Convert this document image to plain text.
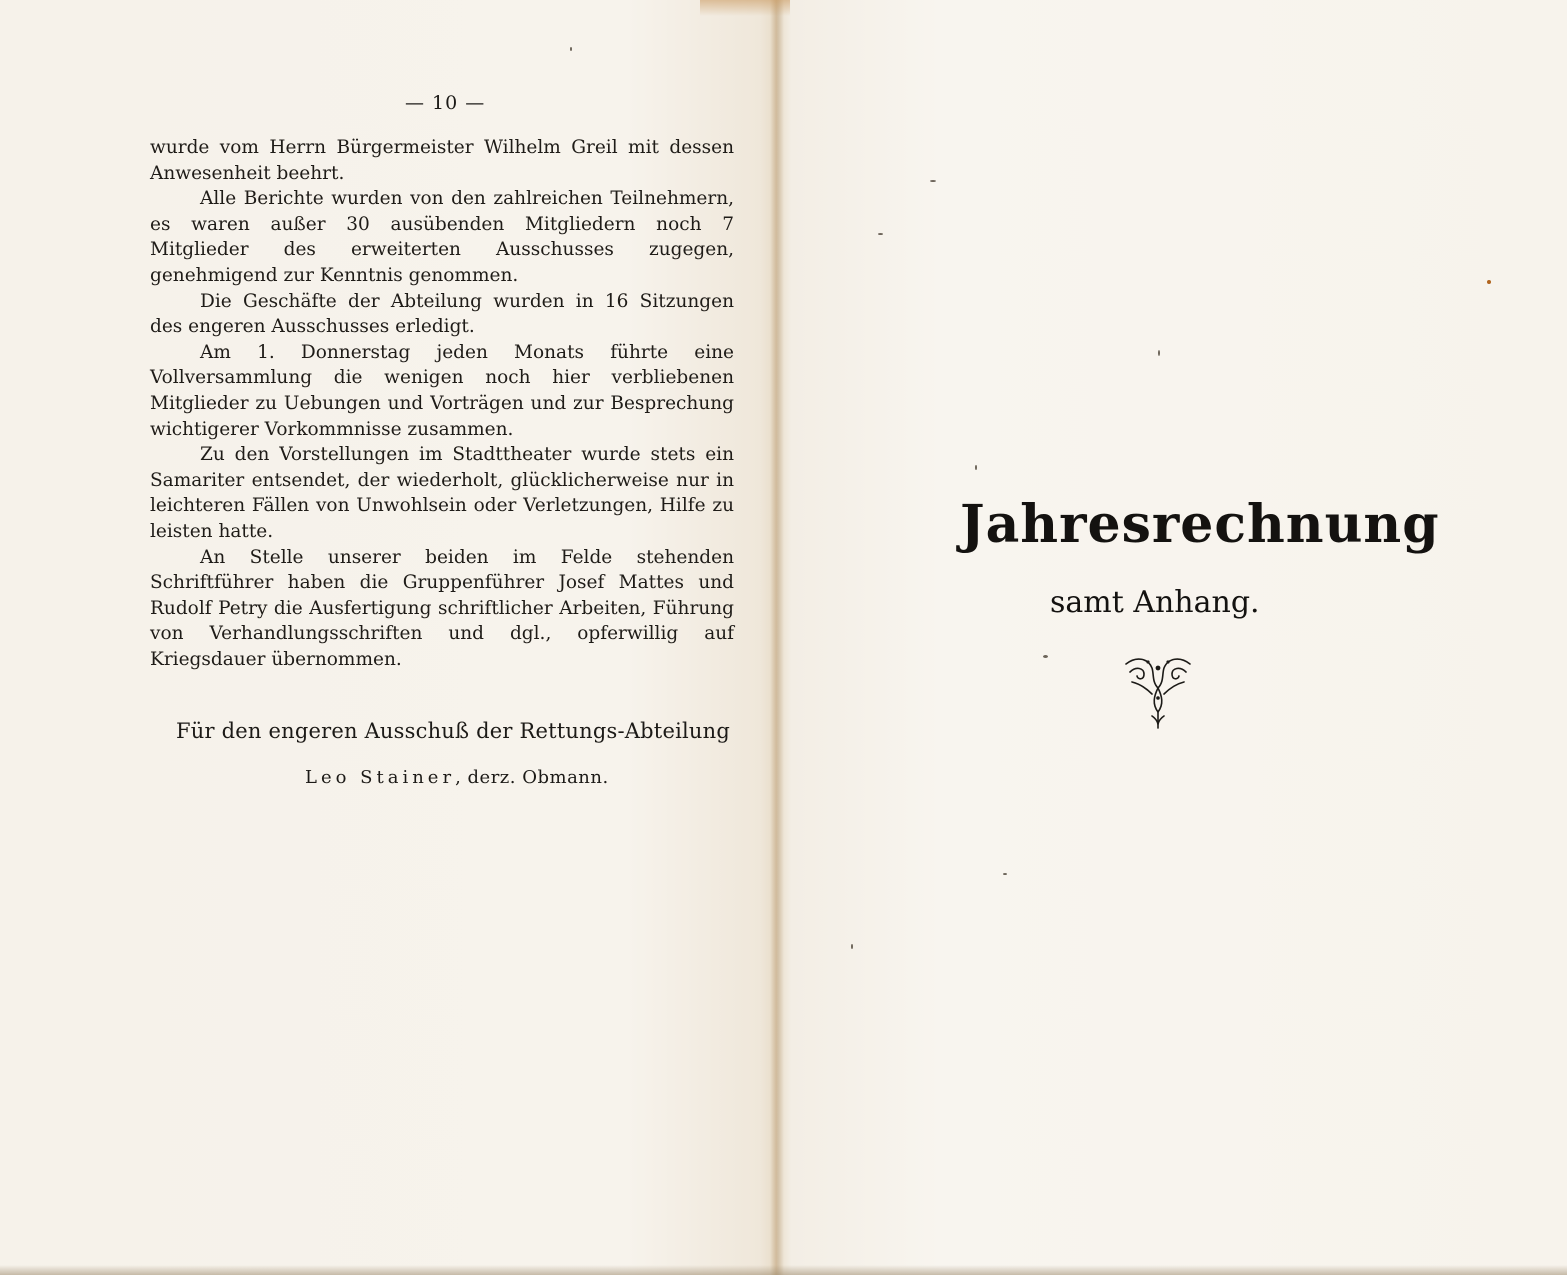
— 10 —

wurde vom Herrn Bürgermeister Wilhelm Greil mit dessen Anwesenheit beehrt.

Alle Berichte wurden von den zahlreichen Teilnehmern, es waren außer 30 ausübenden Mitgliedern noch 7 Mitglieder des erweiterten Ausschusses zugegen, genehmigend zur Kenntnis genommen.

Die Geschäfte der Abteilung wurden in 16 Sitzungen des engeren Ausschusses erledigt.

Am 1. Donnerstag jeden Monats führte eine Vollversammlung die wenigen noch hier verbliebenen Mitglieder zu Uebungen und Vorträgen und zur Besprechung wichtigerer Vorkommnisse zusammen.

Zu den Vorstellungen im Stadttheater wurde stets ein Samariter entsendet, der wiederholt, glücklicherweise nur in leichteren Fällen von Unwohlsein oder Verletzungen, Hilfe zu leisten hatte.

An Stelle unserer beiden im Felde stehenden Schriftführer haben die Gruppenführer Josef Mattes und Rudolf Petry die Ausfertigung schriftlicher Arbeiten, Führung von Verhandlungsschriften und dgl., opferwillig auf Kriegsdauer übernommen.

Für den engeren Ausschuß der Rettungs-Abteilung
Leo Stainer, derz. Obmann.
Jahresrechnung
samt Anhang.
